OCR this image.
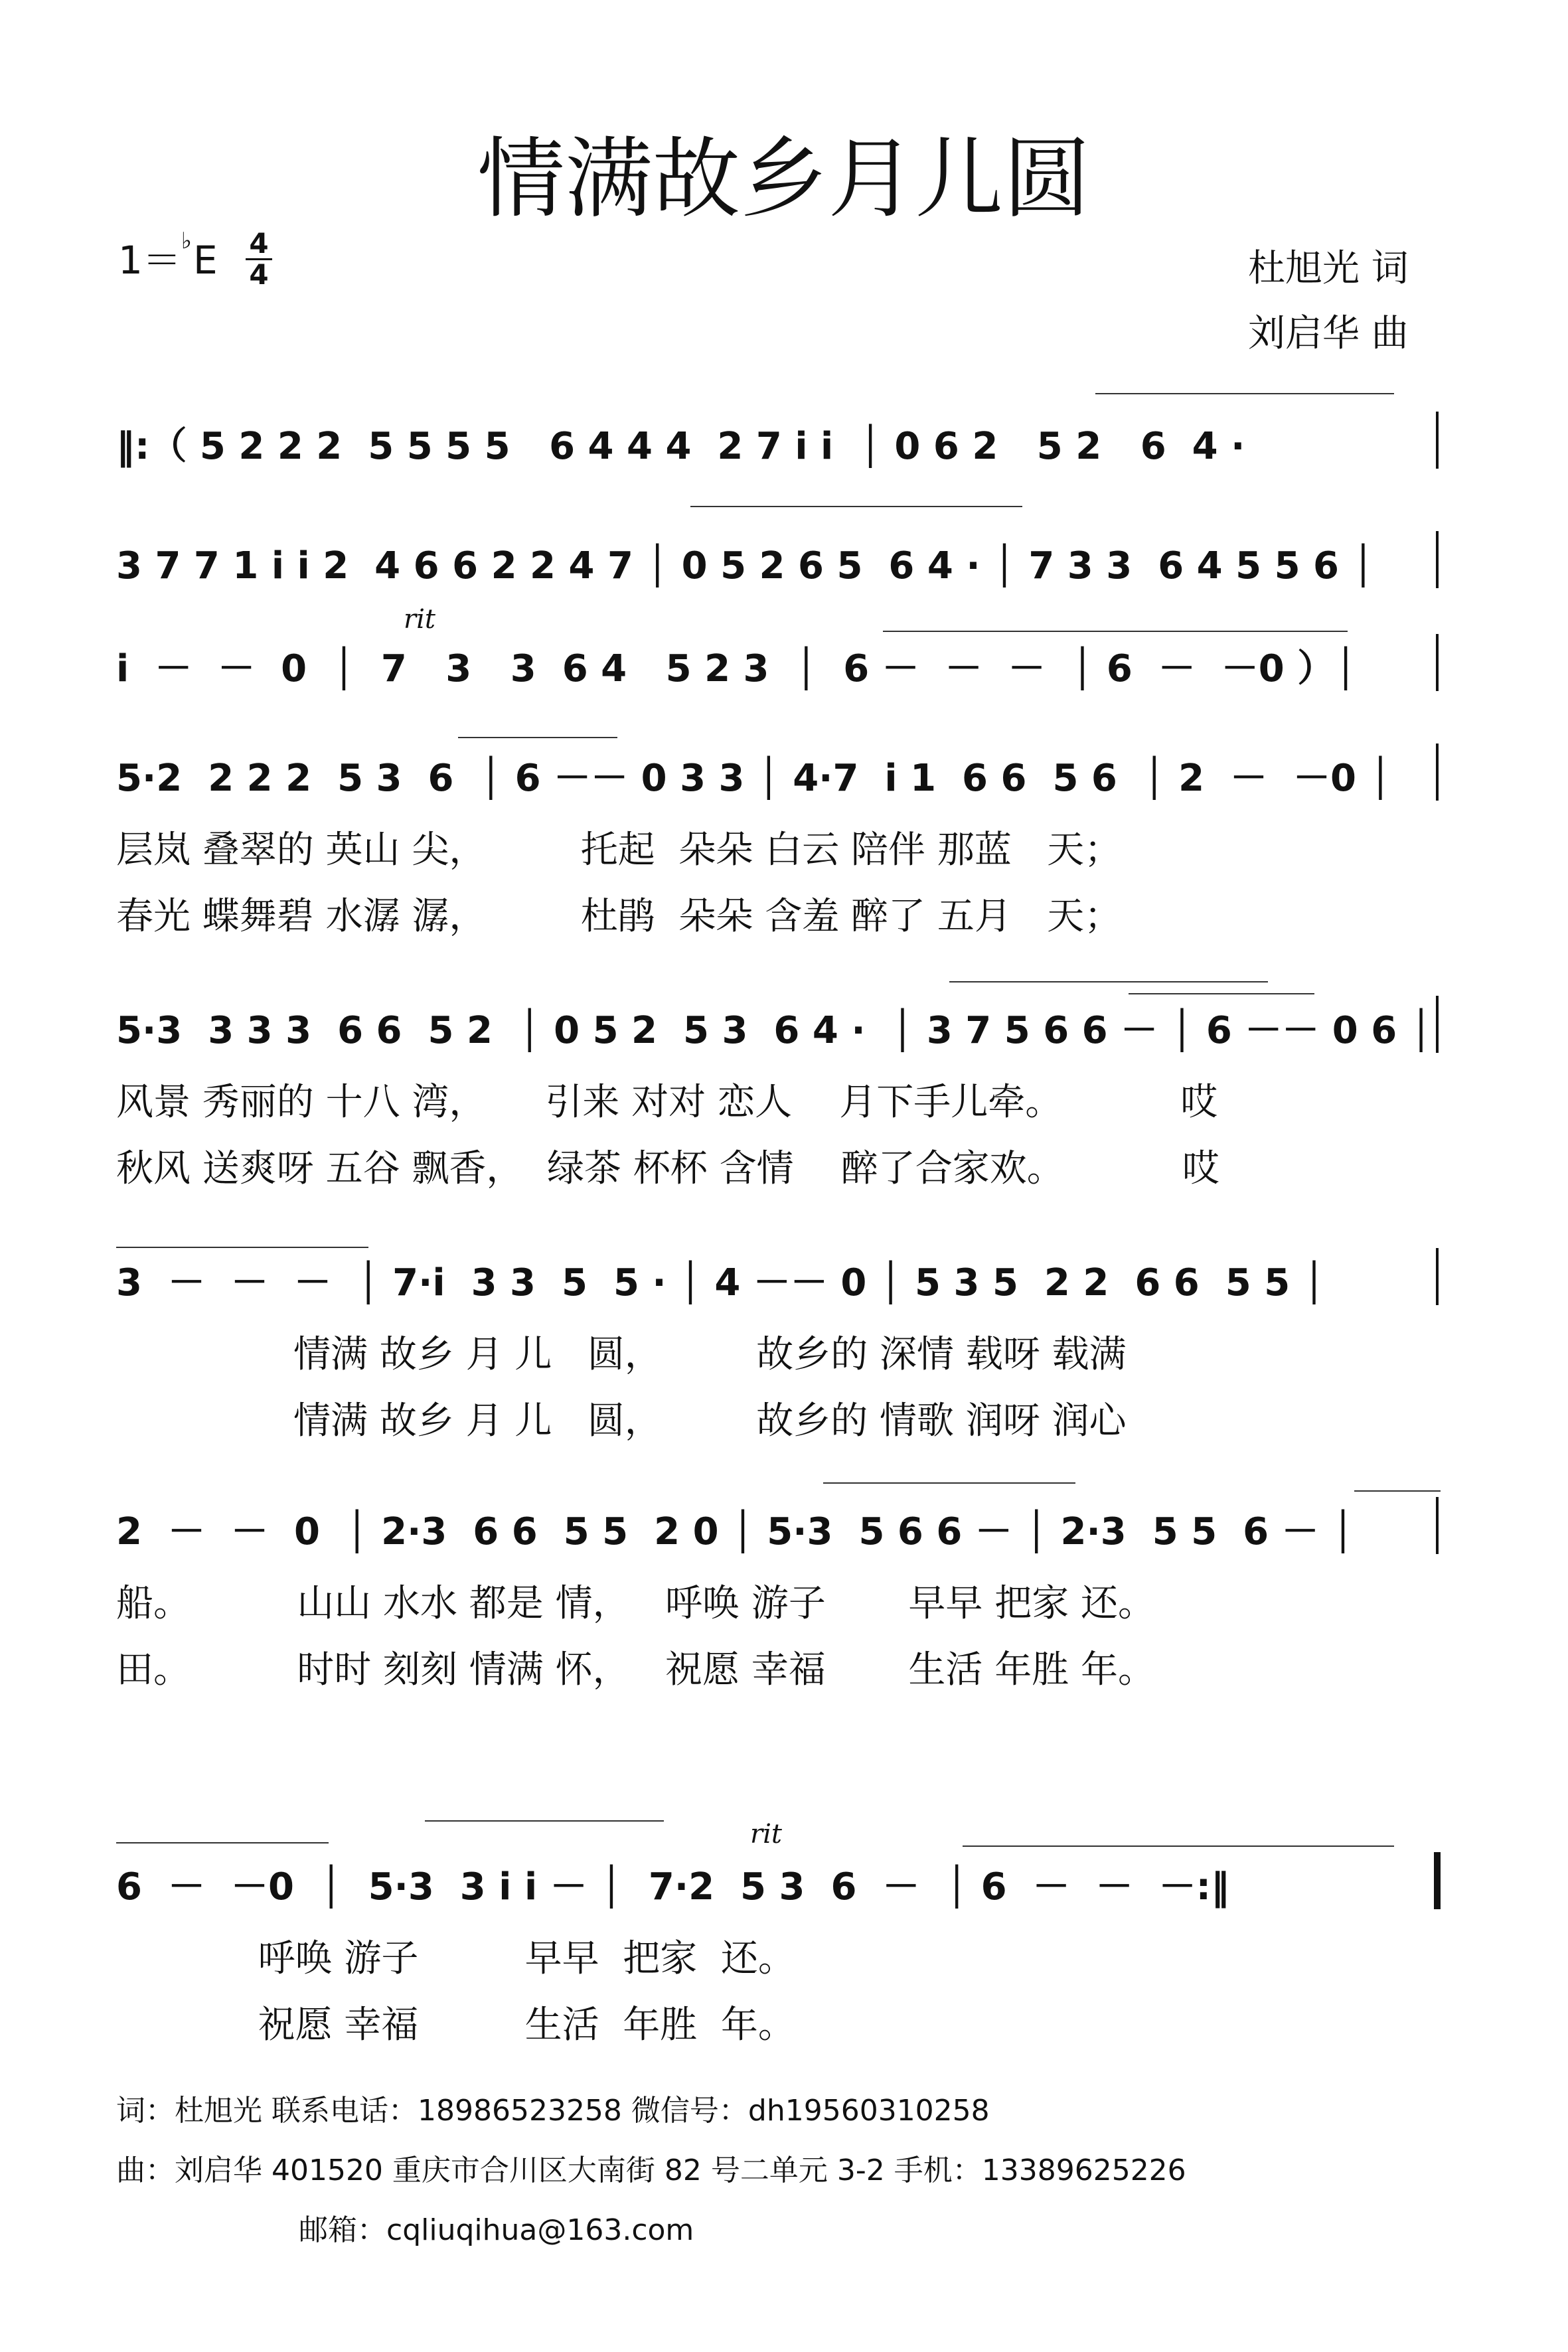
情满故乡月儿圆
1＝♭E 4
4	杜旭光 词
刘启华 曲
‖:（ 5 2 2 2  5 5 5 5   6 4 4 4  2 7 i i  │ 0 6 2   5 2   6  4 ·
3 7 7 1 i i 2  4 6 6 2 2 4 7 │ 0 5 2 6 5  6 4 · │ 7 3 3  6 4 5 5 6 │
rit
i  －  －  0  │  7   3   3  6 4   5 2 3  │  6 －  －  －  │ 6  －  －0 ）│
5·2  2 2 2  5 3  6  │ 6 －－ 0 3 3 │ 4·7  i 1  6 6  5 6  │ 2  －  －0 │
层岚 叠翠的 英山 尖，        托起  朵朵 白云 陪伴 那蓝   天；
春光 蝶舞碧 水潺 潺，        杜鹃  朵朵 含羞 醉了 五月   天；
5·3  3 3 3  6 6  5 2  │ 0 5 2  5 3  6 4 ·  │ 3 7 5 6 6 － │ 6 －－ 0 6 │
风景 秀丽的 十八 湾，     引来 对对 恋人    月下手儿牵。          哎
秋风 送爽呀 五谷 飘香，  绿茶 杯杯 含情    醉了合家欢。          哎
3  －  －  －  │ 7·i  3 3  5  5 · │ 4 －－ 0 │ 5 3 5  2 2  6 6  5 5 │
情满 故乡 月 儿   圆，        故乡的 深情 载呀 载满
情满 故乡 月 儿   圆，        故乡的 情歌 润呀 润心
2  －  －  0  │ 2·3  6 6  5 5  2 0 │ 5·3  5 6 6 － │ 2·3  5 5  6 － │
船。         山山 水水 都是 情，   呼唤 游子       早早 把家 还。
田。         时时 刻刻 情满 怀，   祝愿 幸福       生活 年胜 年。
rit
6  －  －0  │  5·3  3 i i － │  7·2  5 3  6  －  │ 6  －  －  －:‖
呼唤 游子         早早  把家  还。
祝愿 幸福         生活  年胜  年。
词：杜旭光 联系电话：18986523258 微信号：dh19560310258
曲：刘启华 401520 重庆市合川区大南街 82 号二单元 3-2 手机：13389625226
邮箱：cqliuqihua@163.com
